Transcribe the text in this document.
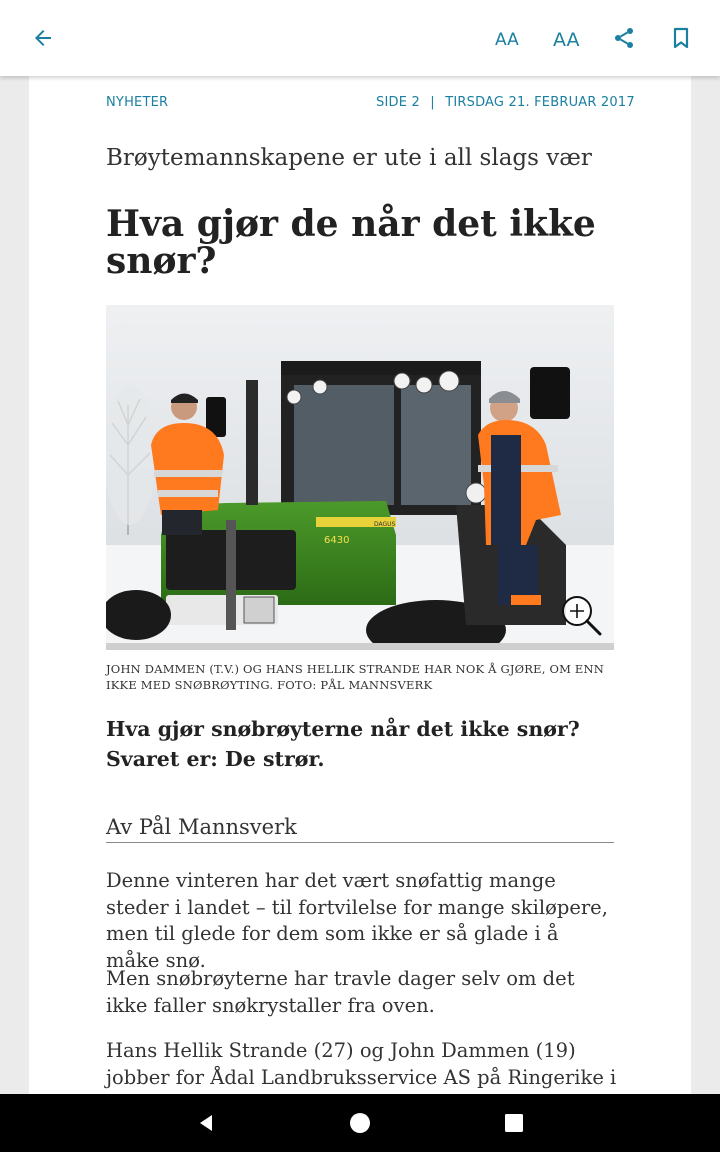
AA AA
NYHETER	SIDE 2 | TIRSDAG 21. FEBRUAR 2017
Brøytemannskapene er ute i all slags vær
Hva gjør de når det ikke snør?
6430
DAGUS
JOHN DAMMEN (T.V.) OG HANS HELLIK STRANDE HAR NOK Å GJØRE, OM ENN IKKE MED SNØBRØYTING. FOTO: PÅL MANNSVERK
Hva gjør snøbrøyterne når det ikke snør? Svaret er: De strør.
Av Pål Mannsverk

Denne vinteren har det vært snøfattig mange steder i landet – til fortvilelse for mange skiløpere, men til glede for dem som ikke er så glade i å måke snø.

Men snøbrøyterne har travle dager selv om det ikke faller snøkrystaller fra oven.

Hans Hellik Strande (27) og John Dammen (19) jobber for Ådal Landbruksservice AS på Ringerike i
